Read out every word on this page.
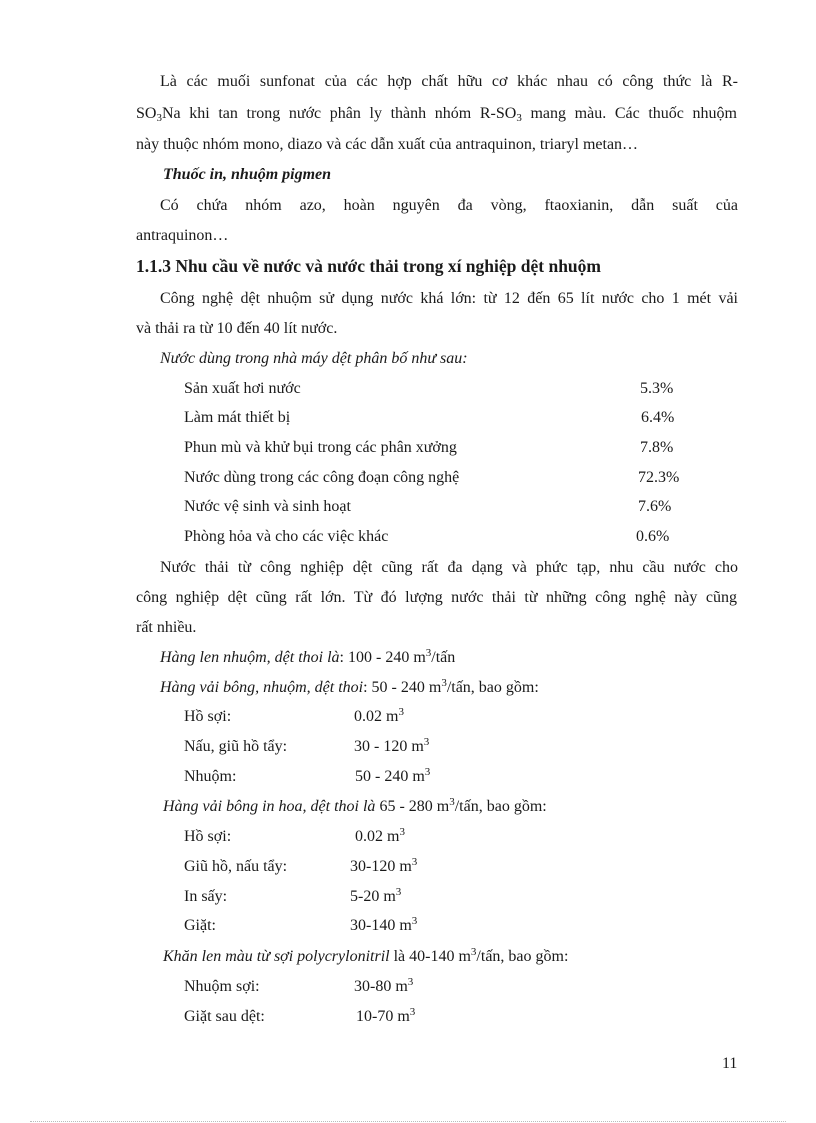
Là các muối sunfonat của các hợp chất hữu cơ khác nhau có công thức là R-
$SO_3Na$ khi tan trong nước phân ly thành nhóm $R-SO_3$ mang màu. Các thuốc nhuộm
này thuộc nhóm mono, diazo và các dẫn xuất của antraquinon, triaryl metan…
Thuốc in, nhuộm pigmen
Có chứa nhóm azo, hoàn nguyên đa vòng, ftaoxianin, dẫn suất của
antraquinon…
1.1.3 Nhu cầu về nước và nước thải trong xí nghiệp dệt nhuộm
Công nghệ dệt nhuộm sử dụng nước khá lớn: từ 12 đến 65 lít nước cho 1 mét vải
và thải ra từ 10 đến 40 lít nước.
Nước dùng trong nhà máy dệt phân bố như sau:
Sản xuất hơi nước	5.3%
Làm mát thiết bị	6.4%
Phun mù và khử bụi trong các phân xưởng	7.8%
Nước dùng trong các công đoạn công nghệ	72.3%
Nước vệ sinh và sinh hoạt	7.6%
Phòng hỏa và cho các việc khác	0.6%
Nước thải từ công nghiệp dệt cũng rất đa dạng và phức tạp, nhu cầu nước cho
công nghiệp dệt cũng rất lớn. Từ đó lượng nước thải từ những công nghệ này cũng
rất nhiều.
Hàng len nhuộm, dệt thoi là: 100 - 240 $m^3$/tấn
Hàng vải bông, nhuộm, dệt thoi: 50 - 240 $m^3$/tấn, bao gồm:
Hồ sợi:	0.02 $m^3$
Nấu, giũ hồ tẩy:	30 - 120 $m^3$
Nhuộm:	50 - 240 $m^3$
Hàng vải bông in hoa, dệt thoi là 65 - 280 $m^3$/tấn, bao gồm:
Hồ sợi:	0.02 $m^3$
Giũ hồ, nấu tẩy:	30-120 $m^3$
In sấy:	5-20 $m^3$
Giặt:	30-140 $m^3$
Khăn len màu từ sợi polycrylonitril là 40-140 $m^3$/tấn, bao gồm:
Nhuộm sợi:	30-80 $m^3$
Giặt sau dệt:	10-70 $m^3$
11
